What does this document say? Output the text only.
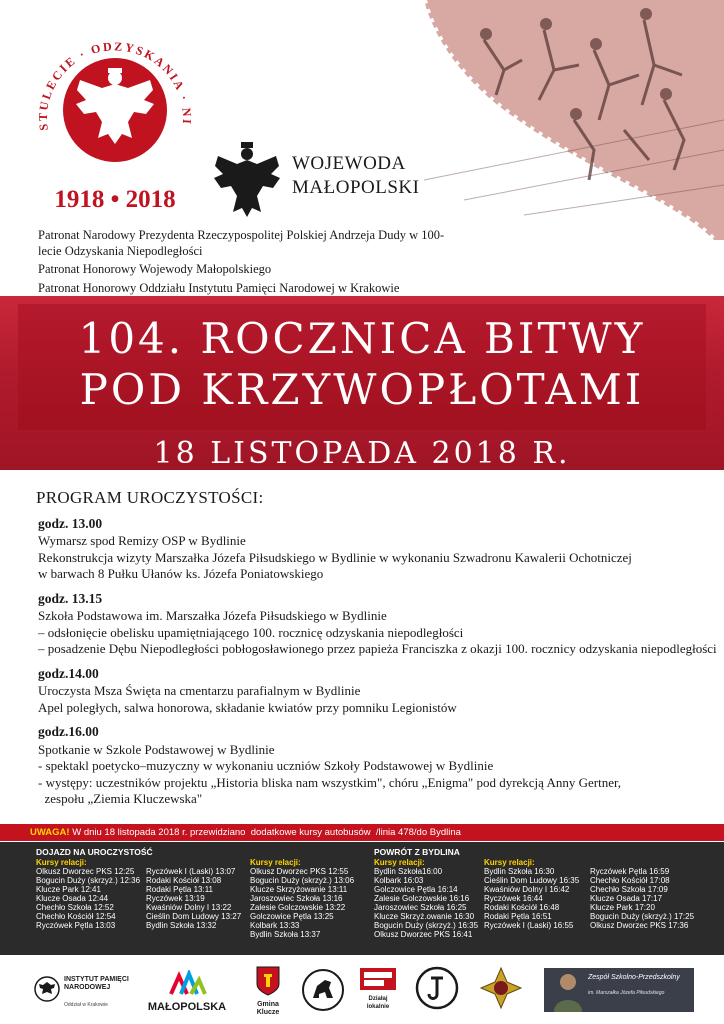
STULECIE · ODZYSKANIA · NI
1918 • 2018
WOJEWODA
MAŁOPOLSKI

Patronat Narodowy Prezydenta Rzeczypospolitej Polskiej Andrzeja Dudy w 100-lecie Odzyskania Niepodległości

Patronat Honorowy Wojewody Małopolskiego

Patronat Honorowy Oddziału Instytutu Pamięci Narodowej w Krakowie

104. ROCZNICA BITWY
POD KRZYWOPŁOTAMI
18 LISTOPADA 2018 R.
PROGRAM UROCZYSTOŚCI:
godz. 13.00
Wymarsz spod Remizy OSP w Bydlinie
Rekonstrukcja wizyty Marszałka Józefa Piłsudskiego w Bydlinie w wykonaniu Szwadronu Kawalerii Ochotniczej
w barwach 8 Pułku Ułanów ks. Józefa Poniatowskiego
godz. 13.15
Szkoła Podstawowa im. Marszałka Józefa Piłsudskiego w Bydlinie
– odsłonięcie obelisku upamiętniającego 100. rocznicę odzyskania niepodległości
– posadzenie Dębu Niepodległości pobłogosławionego przez papieża Franciszka z okazji 100. rocznicy odzyskania niepodległości
godz.14.00
Uroczysta Msza Święta na cmentarzu parafialnym w Bydlinie
Apel poległych, salwa honorowa, składanie kwiatów przy pomniku Legionistów
godz.16.00
Spotkanie w Szkole Podstawowej w Bydlinie
- spektakl poetycko–muzyczny w wykonaniu uczniów Szkoły Podstawowej w Bydlinie
- występy: uczestników projektu „Historia bliska nam wszystkim", chóru „Enigma" pod dyrekcją Anny Gertner,
zespołu „Ziemia Kluczewska"
UWAGA! W dniu 18 listopada 2018 r. przewidziano  dodatkowe kursy autobusów  /linia 478/do Bydlina
DOJAZD NA UROCZYSTOŚĆ
Kursy relacji:
Olkusz Dworzec PKS 12:25
Bogucin Duży (skrzyż.) 12:36
Klucze Park 12:41
Klucze Osada 12:44
Chechło Szkoła 12:52
Chechło Kościół 12:54
Ryczówek Pętla 13:03
Ryczówek I (Laski) 13:07
Rodaki Kościół 13:08
Rodaki Pętla 13:11
Ryczówek 13:19
Kwaśniów Dolny I 13:22
Cieślin Dom Ludowy 13:27
Bydlin Szkoła 13:32
Kursy relacji:
Olkusz Dworzec PKS 12:55
Bogucin Duży (skrzyż.) 13:06
Klucze Skrzyżowanie 13:11
Jaroszowiec Szkoła 13:16
Zalesie Golczowskie 13:22
Golczowice Pętla 13:25
Kolbark 13:33
Bydlin Szkoła 13:37
POWRÓT Z BYDLINA
Kursy relacji:
Bydlin Szkoła16:00
Kolbark 16:03
Golczowice Pętla 16:14
Zalesie Golczowskie 16:16
Jaroszowiec Szkoła 16:25
Klucze Skrzyż.owanie 16:30
Bogucin Duży (skrzyż.) 16:35
Olkusz Dworzec PKS 16:41
Kursy relacji:
Bydlin Szkoła 16:30
Cieślin Dom Ludowy 16:35
Kwaśniów Dolny I 16:42
Ryczówek 16:44
Rodaki Kościół 16:48
Rodaki Pętla 16:51
Ryczówek I (Laski) 16:55
Ryczówek Pętla 16:59
Chechło Kościół 17:08
Chechło Szkoła 17:09
Klucze Osada 17:17
Klucze Park 17:20
Bogucin Duży (skrzyż.) 17:25
Olkusz Dworzec PKS 17:36
INSTYTUT PAMIĘCI NARODOWEJ
Oddział w Krakowie	MAŁOPOLSKA	Gmina
Klucze
Działaj lokalnie
Zespół Szkolno-Przedszkolny
im. Marszałka Józefa Piłsudskiego
